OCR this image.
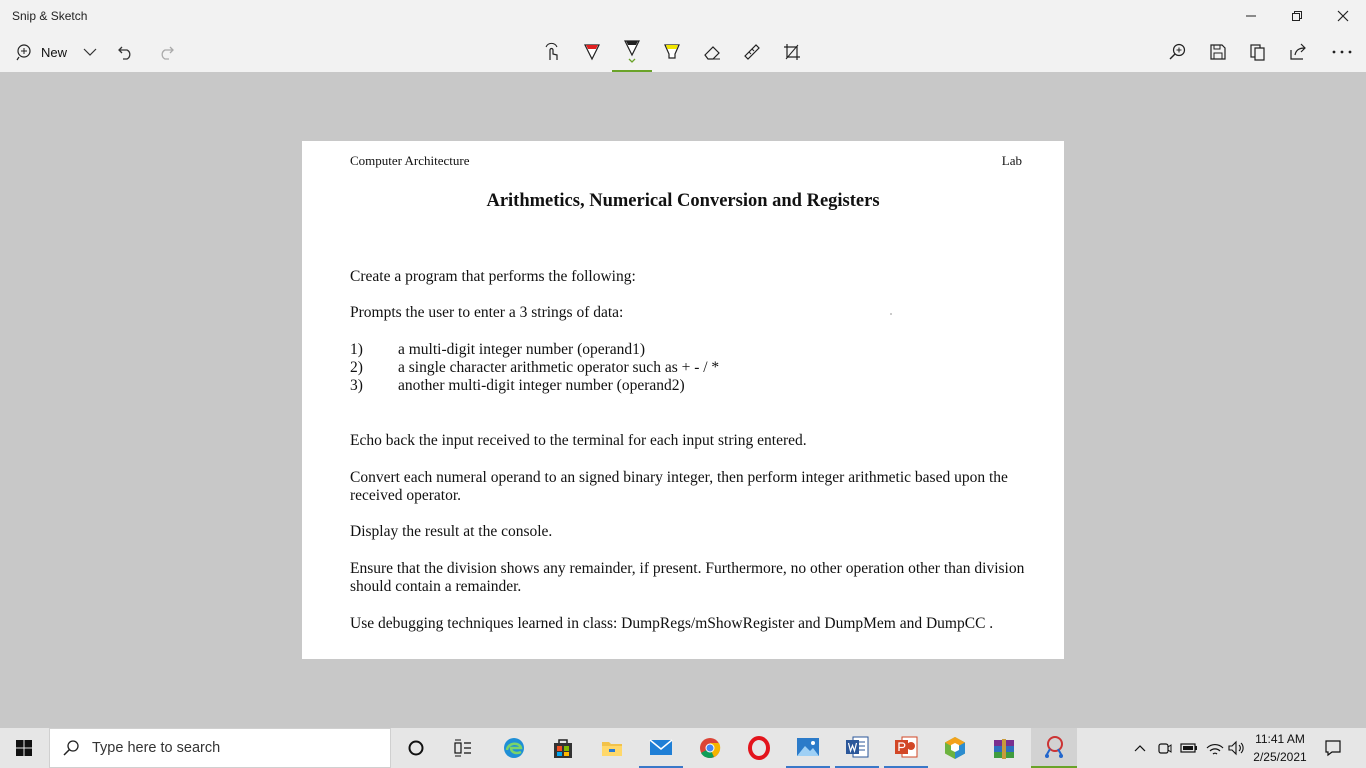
Snip & Sketch
New
Computer Architecture	Lab
Arithmetics, Numerical Conversion and Registers
Create a program that performs the following:
Prompts the user to enter a 3 strings of data:
1) a multi-digit integer number (operand1)
2) a single character arithmetic operator such as + - / *
3) another multi-digit integer number (operand2)
Echo back the input received to the terminal for each input string entered.
Convert each numeral operand to an signed binary integer, then perform integer arithmetic based upon the received operator.
Display the result at the console.
Ensure that the division shows any remainder, if present. Furthermore, no other operation other than division should contain a remainder.
Use debugging techniques learned in class: DumpRegs/mShowRegister and DumpMem and DumpCC .
Type here to search
11:41 AM
2/25/2021
